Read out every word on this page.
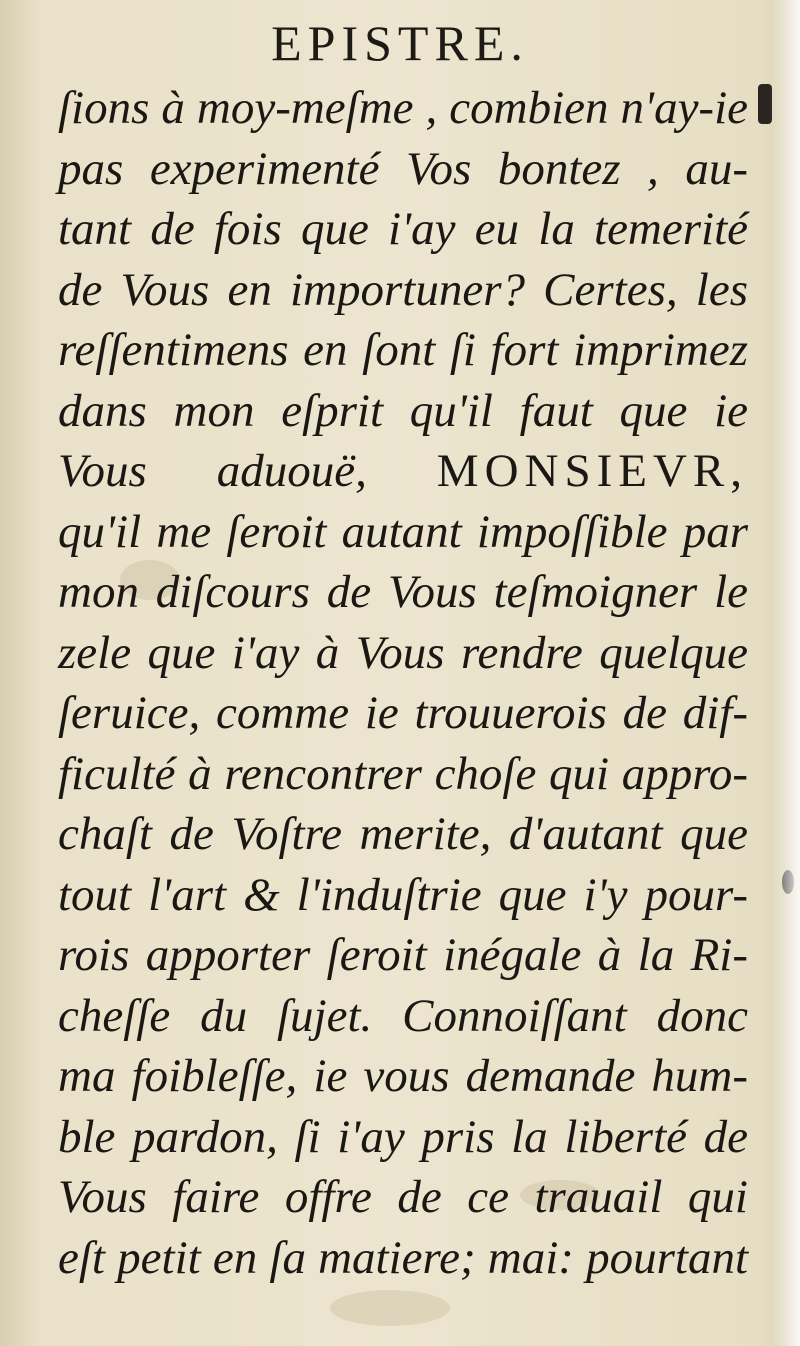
EPISTRE.
ſions à moy-meſme , combien n'ay-ie
pas experimenté Vos bontez , au-
tant de fois que i'ay eu la temerité
de Vous en importuner? Certes, les
reſſentimens en ſont ſi fort imprimez
dans mon eſprit qu'il faut que ie
Vous aduouë, MONSIEVR,
qu'il me ſeroit autant impoſſible par
mon diſcours de Vous teſmoigner le
zele que i'ay à Vous rendre quelque
ſeruice, comme ie trouuerois de dif-
ficulté à rencontrer choſe qui appro-
chaſt de Voſtre merite, d'autant que
tout l'art & l'induſtrie que i'y pour-
rois apporter ſeroit inégale à la Ri-
cheſſe du ſujet. Connoiſſant donc
ma foibleſſe, ie vous demande hum-
ble pardon, ſi i'ay pris la liberté de
Vous faire offre de ce trauail qui
eſt petit en ſa matiere; mai: pourtant
